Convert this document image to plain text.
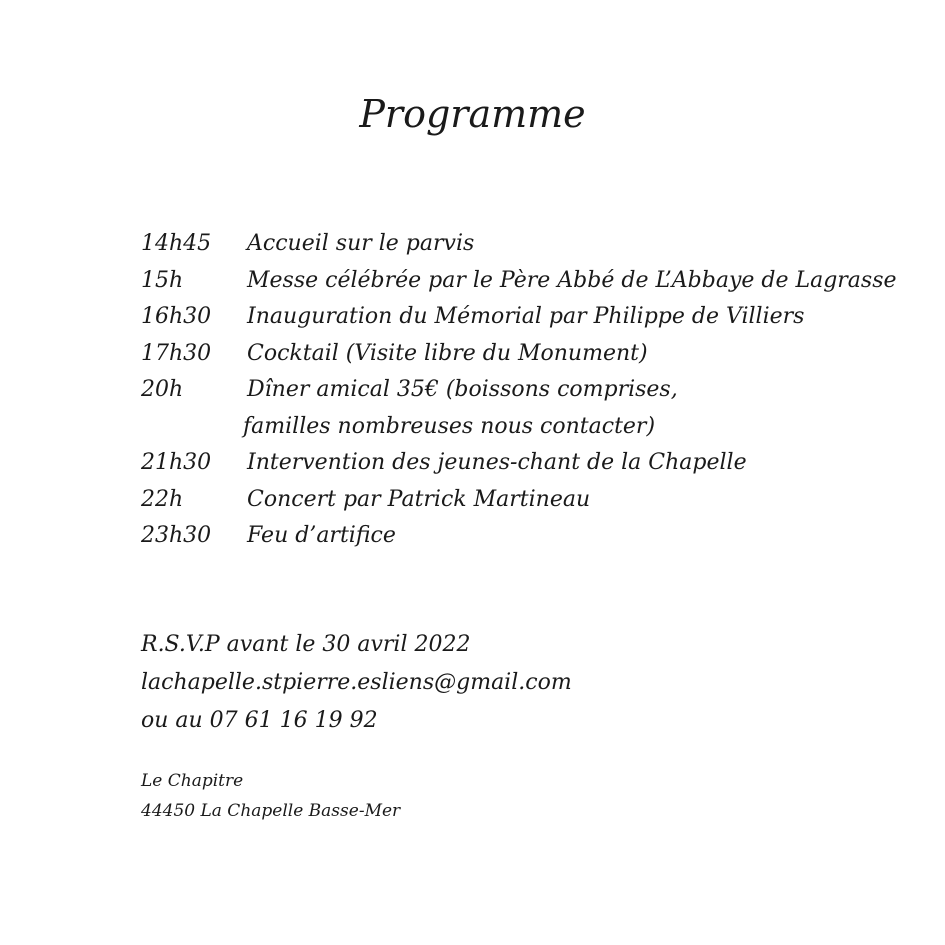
Programme
14h45	Accueil sur le parvis
15h	Messe célébrée par le Père Abbé de L’Abbaye de Lagrasse
16h30	Inauguration du Mémorial par Philippe de Villiers
17h30	Cocktail (Visite libre du Monument)
20h	Dîner amical 35€ (boissons comprises,
familles nombreuses nous contacter)
21h30	Intervention des jeunes-chant de la Chapelle
22h	Concert par Patrick Martineau
23h30	Feu d’artifice
R.S.V.P avant le 30 avril 2022
lachapelle.stpierre.esliens@gmail.com
ou au 07 61 16 19 92
Le Chapitre
44450 La Chapelle Basse-Mer
